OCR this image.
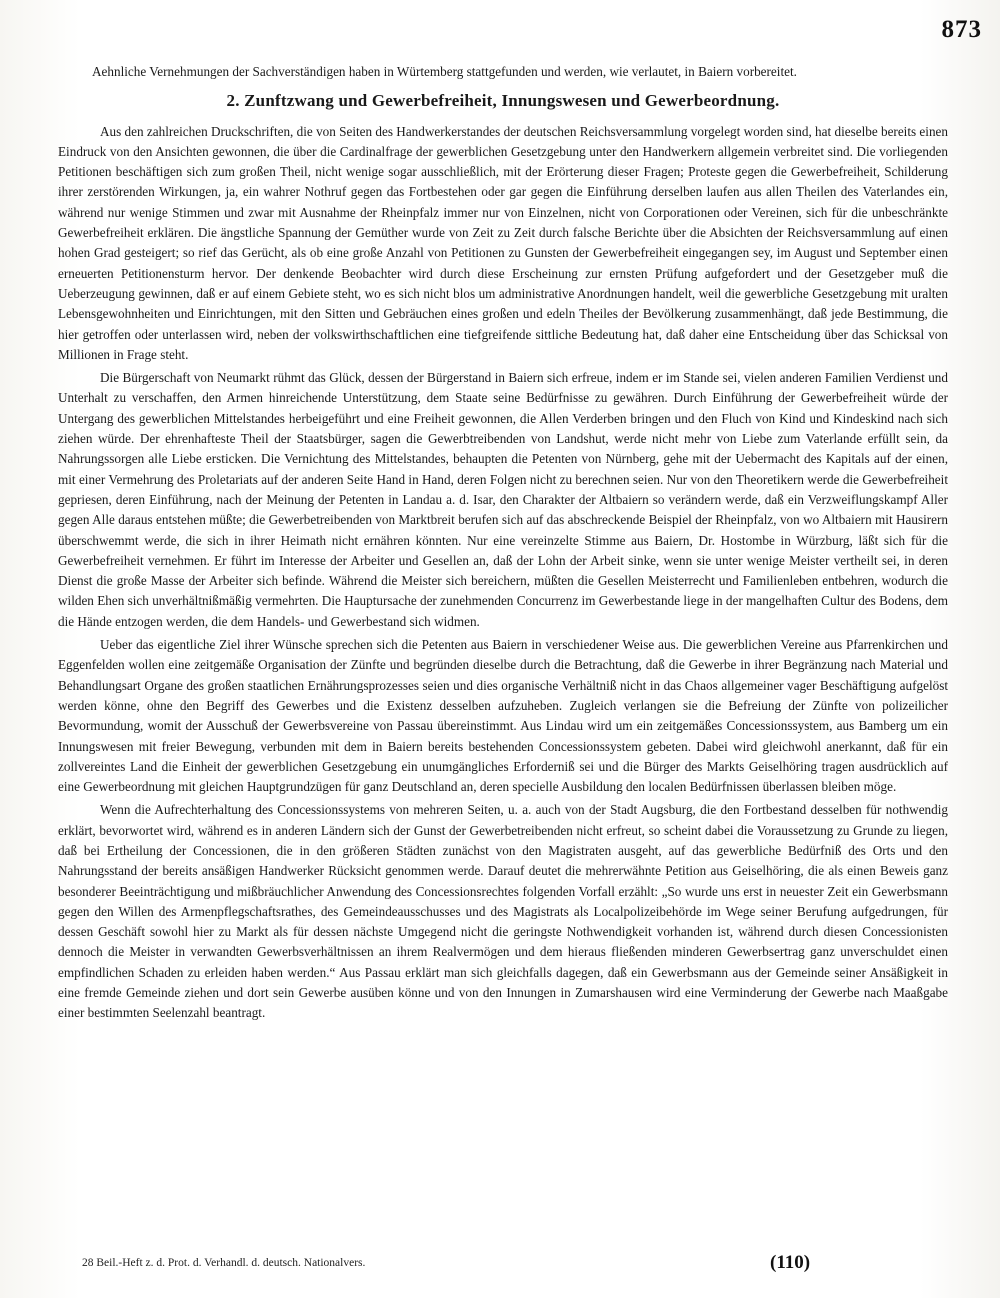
873

Aehnliche Vernehmungen der Sachverständigen haben in Würtemberg stattgefunden und werden, wie verlautet, in Baiern vorbereitet.

2. Zunftzwang und Gewerbefreiheit, Innungswesen und Gewerbeordnung.

Aus den zahlreichen Druckschriften, die von Seiten des Handwerkerstandes der deutschen Reichsversammlung vorgelegt worden sind, hat dieselbe bereits einen Eindruck von den Ansichten gewonnen, die über die Cardinalfrage der gewerblichen Gesetzgebung unter den Handwerkern allgemein verbreitet sind. Die vorliegenden Petitionen beschäftigen sich zum großen Theil, nicht wenige sogar ausschließlich, mit der Erörterung dieser Fragen; Proteste gegen die Gewerbefreiheit, Schilderung ihrer zerstörenden Wirkungen, ja, ein wahrer Nothruf gegen das Fortbestehen oder gar gegen die Einführung derselben laufen aus allen Theilen des Vaterlandes ein, während nur wenige Stimmen und zwar mit Ausnahme der Rheinpfalz immer nur von Einzelnen, nicht von Corporationen oder Vereinen, sich für die unbeschränkte Gewerbefreiheit erklären. Die ängstliche Spannung der Gemüther wurde von Zeit zu Zeit durch falsche Berichte über die Absichten der Reichsversammlung auf einen hohen Grad gesteigert; so rief das Gerücht, als ob eine große Anzahl von Petitionen zu Gunsten der Gewerbefreiheit eingegangen sey, im August und September einen erneuerten Petitionensturm hervor. Der denkende Beobachter wird durch diese Erscheinung zur ernsten Prüfung aufgefordert und der Gesetzgeber muß die Ueberzeugung gewinnen, daß er auf einem Gebiete steht, wo es sich nicht blos um administrative Anordnungen handelt, weil die gewerbliche Gesetzgebung mit uralten Lebensgewohnheiten und Einrichtungen, mit den Sitten und Gebräuchen eines großen und edeln Theiles der Bevölkerung zusammenhängt, daß jede Bestimmung, die hier getroffen oder unterlassen wird, neben der volkswirthschaftlichen eine tiefgreifende sittliche Bedeutung hat, daß daher eine Entscheidung über das Schicksal von Millionen in Frage steht.

Die Bürgerschaft von Neumarkt rühmt das Glück, dessen der Bürgerstand in Baiern sich erfreue, indem er im Stande sei, vielen anderen Familien Verdienst und Unterhalt zu verschaffen, den Armen hinreichende Unterstützung, dem Staate seine Bedürfnisse zu gewähren. Durch Einführung der Gewerbefreiheit würde der Untergang des gewerblichen Mittelstandes herbeigeführt und eine Freiheit gewonnen, die Allen Verderben bringen und den Fluch von Kind und Kindeskind nach sich ziehen würde. Der ehrenhafteste Theil der Staatsbürger, sagen die Gewerbtreibenden von Landshut, werde nicht mehr von Liebe zum Vaterlande erfüllt sein, da Nahrungssorgen alle Liebe ersticken. Die Vernichtung des Mittelstandes, behaupten die Petenten von Nürnberg, gehe mit der Uebermacht des Kapitals auf der einen, mit einer Vermehrung des Proletariats auf der anderen Seite Hand in Hand, deren Folgen nicht zu berechnen seien. Nur von den Theoretikern werde die Gewerbefreiheit gepriesen, deren Einführung, nach der Meinung der Petenten in Landau a. d. Isar, den Charakter der Altbaiern so verändern werde, daß ein Verzweiflungskampf Aller gegen Alle daraus entstehen müßte; die Gewerbetreibenden von Marktbreit berufen sich auf das abschreckende Beispiel der Rheinpfalz, von wo Altbaiern mit Hausirern überschwemmt werde, die sich in ihrer Heimath nicht ernähren könnten. Nur eine vereinzelte Stimme aus Baiern, Dr. Hostombe in Würzburg, läßt sich für die Gewerbefreiheit vernehmen. Er führt im Interesse der Arbeiter und Gesellen an, daß der Lohn der Arbeit sinke, wenn sie unter wenige Meister vertheilt sei, in deren Dienst die große Masse der Arbeiter sich befinde. Während die Meister sich bereichern, müßten die Gesellen Meisterrecht und Familienleben entbehren, wodurch die wilden Ehen sich unverhältnißmäßig vermehrten. Die Hauptursache der zunehmenden Concurrenz im Gewerbestande liege in der mangelhaften Cultur des Bodens, dem die Hände entzogen werden, die dem Handels- und Gewerbestand sich widmen.

Ueber das eigentliche Ziel ihrer Wünsche sprechen sich die Petenten aus Baiern in verschiedener Weise aus. Die gewerblichen Vereine aus Pfarrenkirchen und Eggenfelden wollen eine zeitgemäße Organisation der Zünfte und begründen dieselbe durch die Betrachtung, daß die Gewerbe in ihrer Begränzung nach Material und Behandlungsart Organe des großen staatlichen Ernährungsprozesses seien und dies organische Verhältniß nicht in das Chaos allgemeiner vager Beschäftigung aufgelöst werden könne, ohne den Begriff des Gewerbes und die Existenz desselben aufzuheben. Zugleich verlangen sie die Befreiung der Zünfte von polizeilicher Bevormundung, womit der Ausschuß der Gewerbsvereine von Passau übereinstimmt. Aus Lindau wird um ein zeitgemäßes Concessionssystem, aus Bamberg um ein Innungswesen mit freier Bewegung, verbunden mit dem in Baiern bereits bestehenden Concessionssystem gebeten. Dabei wird gleichwohl anerkannt, daß für ein zollvereintes Land die Einheit der gewerblichen Gesetzgebung ein unumgängliches Erforderniß sei und die Bürger des Markts Geiselhöring tragen ausdrücklich auf eine Gewerbeordnung mit gleichen Hauptgrundzügen für ganz Deutschland an, deren specielle Ausbildung den localen Bedürfnissen überlassen bleiben möge.

Wenn die Aufrechterhaltung des Concessionssystems von mehreren Seiten, u. a. auch von der Stadt Augsburg, die den Fortbestand desselben für nothwendig erklärt, bevorwortet wird, während es in anderen Ländern sich der Gunst der Gewerbetreibenden nicht erfreut, so scheint dabei die Voraussetzung zu Grunde zu liegen, daß bei Ertheilung der Concessionen, die in den größeren Städten zunächst von den Magistraten ausgeht, auf das gewerbliche Bedürfniß des Orts und den Nahrungsstand der bereits ansäßigen Handwerker Rücksicht genommen werde. Darauf deutet die mehrerwähnte Petition aus Geiselhöring, die als einen Beweis ganz besonderer Beeinträchtigung und mißbräuchlicher Anwendung des Concessionsrechtes folgenden Vorfall erzählt: „So wurde uns erst in neuester Zeit ein Gewerbsmann gegen den Willen des Armenpflegschaftsrathes, des Gemeindeausschusses und des Magistrats als Localpolizeibehörde im Wege seiner Berufung aufgedrungen, für dessen Geschäft sowohl hier zu Markt als für dessen nächste Umgegend nicht die geringste Nothwendigkeit vorhanden ist, während durch diesen Concessionisten dennoch die Meister in verwandten Gewerbsverhältnissen an ihrem Realvermögen und dem hieraus fließenden minderen Gewerbsertrag ganz unverschuldet einen empfindlichen Schaden zu erleiden haben werden.“ Aus Passau erklärt man sich gleichfalls dagegen, daß ein Gewerbsmann aus der Gemeinde seiner Ansäßigkeit in eine fremde Gemeinde ziehen und dort sein Gewerbe ausüben könne und von den Innungen in Zumarshausen wird eine Verminderung der Gewerbe nach Maaßgabe einer bestimmten Seelenzahl beantragt.

28 Beil.-Heft z. d. Prot. d. Verhandl. d. deutsch. Nationalvers.	(110)
